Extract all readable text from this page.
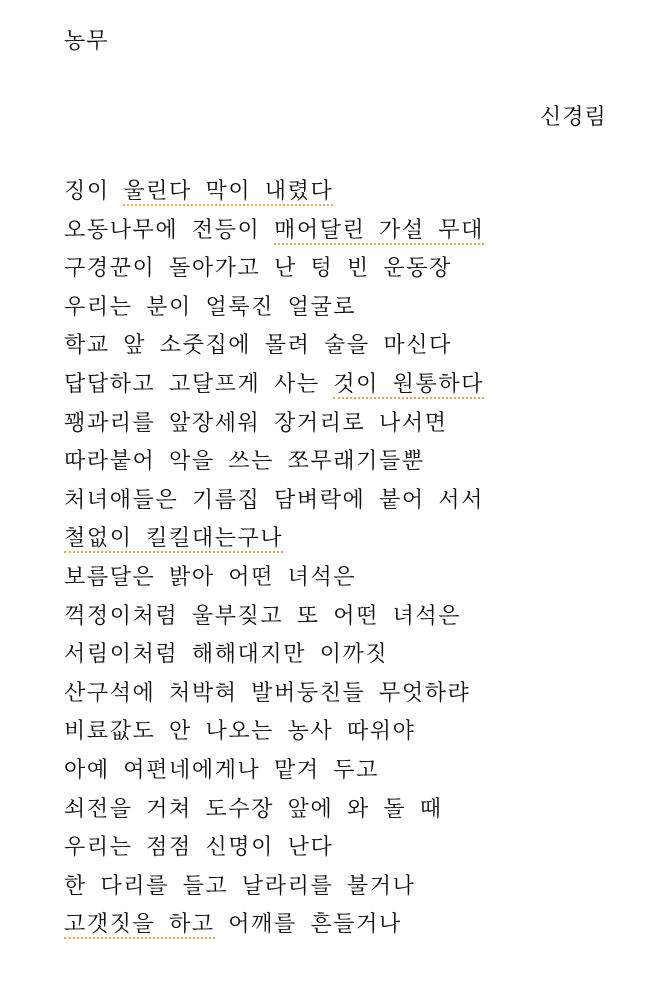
농무
신경림
징이 울린다 막이 내렸다
오동나무에 전등이 매어달린 가설 무대
구경꾼이 돌아가고 난 텅 빈 운동장
우리는 분이 얼룩진 얼굴로
학교 앞 소줏집에 몰려 술을 마신다
답답하고 고달프게 사는 것이 원통하다
꽹과리를 앞장세워 장거리로 나서면
따라붙어 악을 쓰는 쪼무래기들뿐
처녀애들은 기름집 담벼락에 붙어 서서
철없이 킬킬대는구나
보름달은 밝아 어떤 녀석은
꺽정이처럼 울부짖고 또 어떤 녀석은
서림이처럼 해해대지만 이까짓
산구석에 처박혀 발버둥친들 무엇하랴
비료값도 안 나오는 농사 따위야
아예 여편네에게나 맡겨 두고
쇠전을 거쳐 도수장 앞에 와 돌 때
우리는 점점 신명이 난다
한 다리를 들고 날라리를 불거나
고갯짓을 하고 어깨를 흔들거나
